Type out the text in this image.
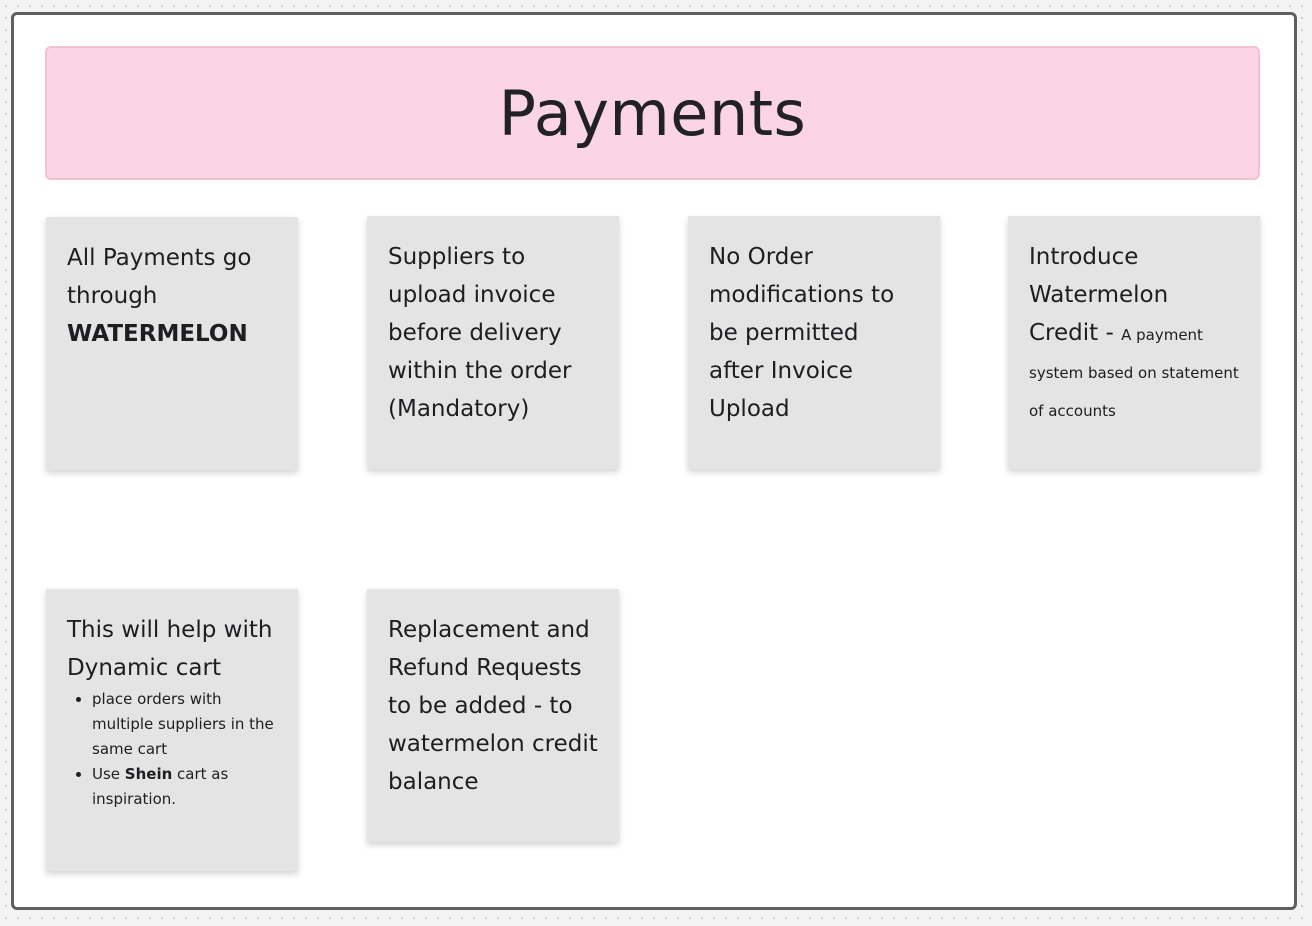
Payments
All Payments go through
WATERMELON
Suppliers to upload invoice before delivery within the order (Mandatory)
No Order modifications to be permitted after Invoice Upload
Introduce Watermelon Credit - A payment system based on statement of accounts
This will help with Dynamic cart
• place orders with multiple suppliers in the same cart
• Use Shein cart as inspiration.
Replacement and Refund Requests to be added - to watermelon credit balance
